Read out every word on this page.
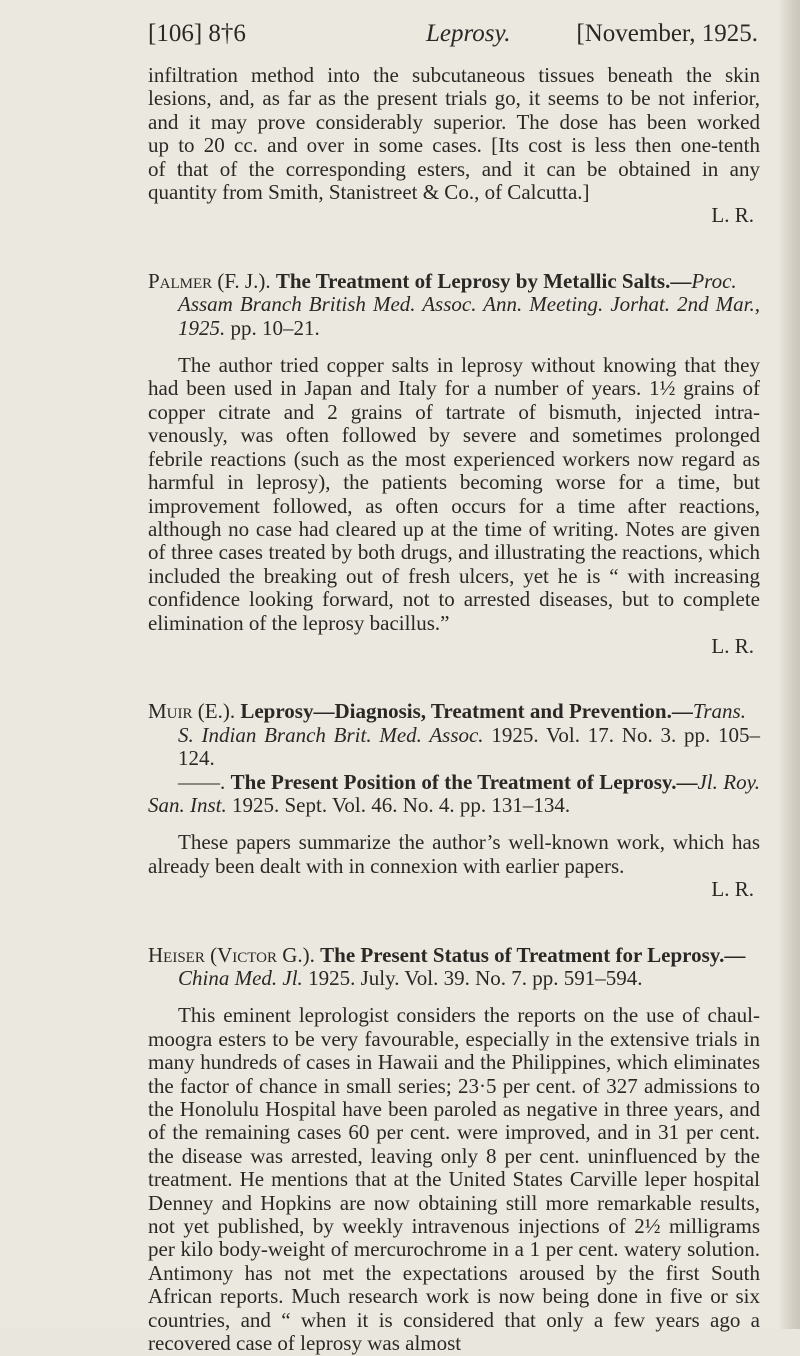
[106] 8†6	Leprosy.	[November, 1925.
infiltration method into the subcutaneous tissues beneath the skin
lesions, and, as far as the present trials go, it seems to be not inferior,
and it may prove considerably superior. The dose has been worked
up to 20 cc. and over in some cases. [Its cost is less then one-tenth
of that of the corresponding esters, and it can be obtained in any
quantity from Smith, Stanistreet & Co., of Calcutta.]

L. R.

Palmer (F. J.). The Treatment of Leprosy by Metallic Salts.—Proc.

Assam Branch British Med. Assoc. Ann. Meeting. Jorhat. 2nd Mar., 1925. pp. 10–21.

The author tried copper salts in leprosy without knowing that they had been used in Japan and Italy for a number of years. 1½ grains of copper citrate and 2 grains of tartrate of bismuth, injected intra-venously, was often followed by severe and sometimes prolonged febrile reactions (such as the most experienced workers now regard as harmful in leprosy), the patients becoming worse for a time, but improvement followed, as often occurs for a time after reactions, although no case had cleared up at the time of writing. Notes are given of three cases treated by both drugs, and illustrating the reactions, which included the breaking out of fresh ulcers, yet he is “ with increasing confidence looking forward, not to arrested diseases, but to complete elimination of the leprosy bacillus.”

L. R.

Muir (E.). Leprosy—Diagnosis, Treatment and Prevention.—Trans.

S. Indian Branch Brit. Med. Assoc. 1925. Vol. 17. No. 3. pp. 105–124.

——. The Present Position of the Treatment of Leprosy.—Jl. Roy. San. Inst. 1925. Sept. Vol. 46. No. 4. pp. 131–134.

These papers summarize the author’s well-known work, which has already been dealt with in connexion with earlier papers.

L. R.

Heiser (Victor G.). The Present Status of Treatment for Leprosy.—

China Med. Jl. 1925. July. Vol. 39. No. 7. pp. 591–594.

This eminent leprologist considers the reports on the use of chaul-moogra esters to be very favourable, especially in the extensive trials in many hundreds of cases in Hawaii and the Philippines, which eliminates the factor of chance in small series; 23·5 per cent. of 327 admissions to the Honolulu Hospital have been paroled as negative in three years, and of the remaining cases 60 per cent. were improved, and in 31 per cent. the disease was arrested, leaving only 8 per cent. uninfluenced by the treatment. He mentions that at the United States Carville leper hospital Denney and Hopkins are now obtaining still more remarkable results, not yet published, by weekly intravenous injections of 2½ milligrams per kilo body-weight of mercurochrome in a 1 per cent. watery solution. Antimony has not met the expectations aroused by the first South African reports. Much research work is now being done in five or six countries, and “ when it is considered that only a few years ago a recovered case of leprosy was almost
